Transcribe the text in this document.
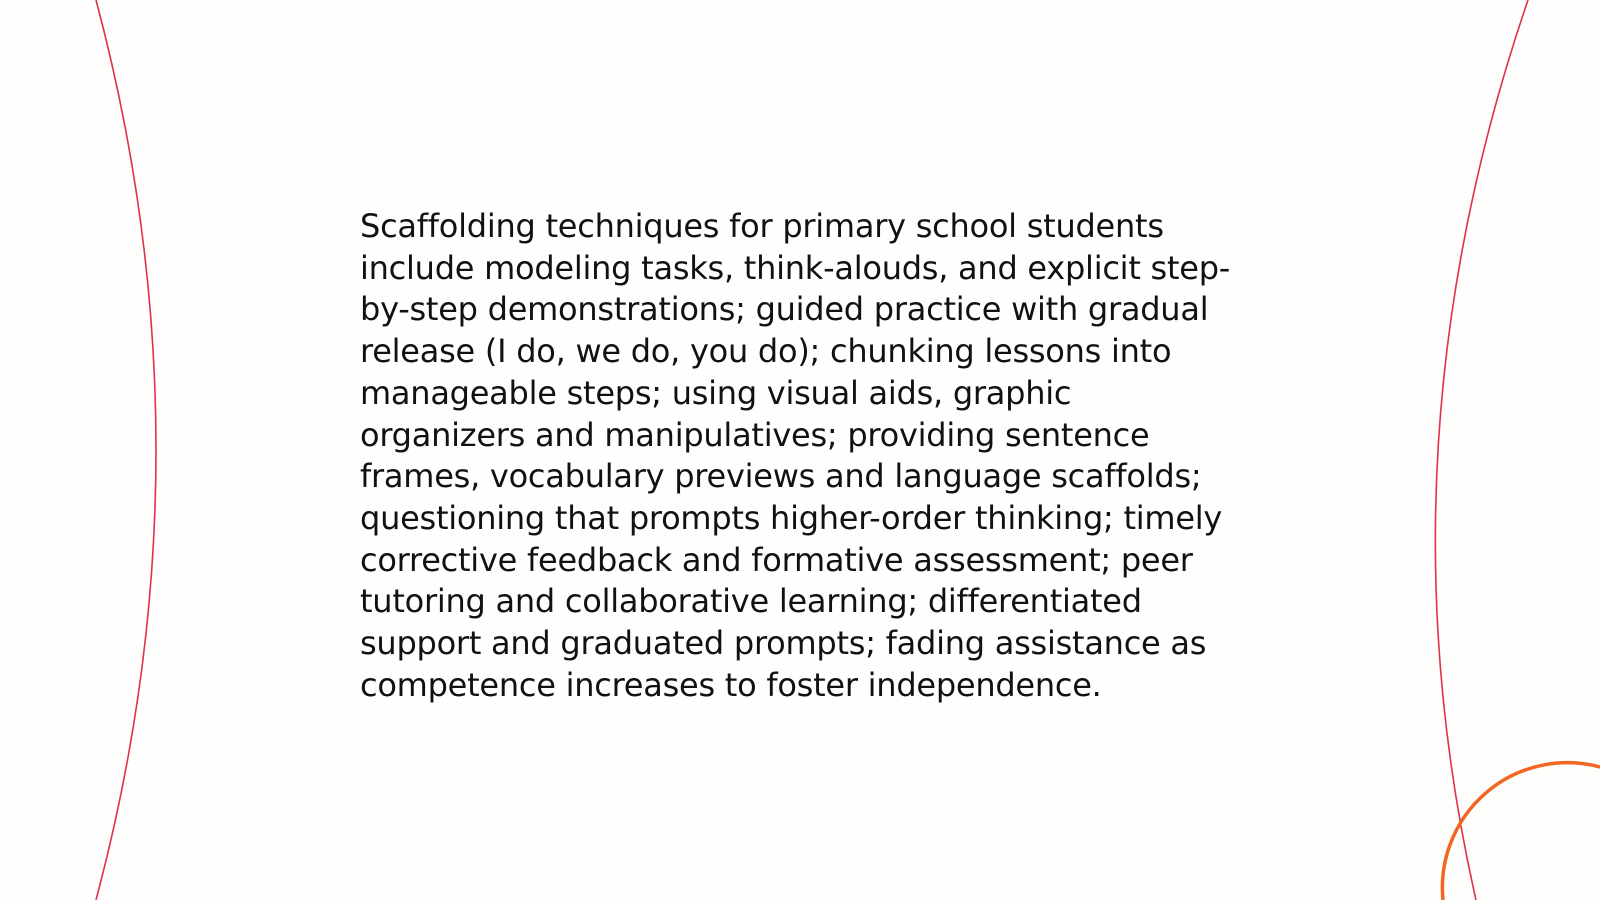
Scaffolding techniques for primary school students include modeling tasks, think-alouds, and explicit step-by-step demonstrations; guided practice with gradual release (I do, we do, you do); chunking lessons into manageable steps; using visual aids, graphic organizers and manipulatives; providing sentence frames, vocabulary previews and language scaffolds; questioning that prompts higher-order thinking; timely corrective feedback and formative assessment; peer tutoring and collaborative learning; differentiated support and graduated prompts; fading assistance as competence increases to foster independence.
